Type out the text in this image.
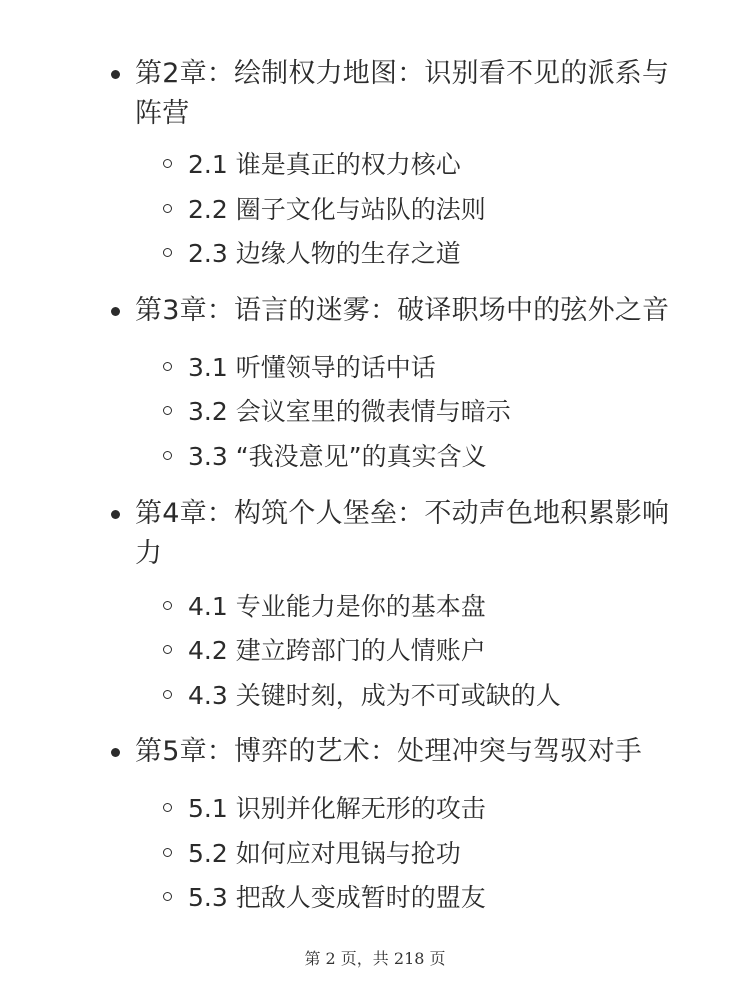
第2章：绘制权力地图：识别看不见的派系与阵营
2.1 谁是真正的权力核心
2.2 圈子文化与站队的法则
2.3 边缘人物的生存之道
第3章：语言的迷雾：破译职场中的弦外之音
3.1 听懂领导的话中话
3.2 会议室里的微表情与暗示
3.3 “我没意见”的真实含义
第4章：构筑个人堡垒：不动声色地积累影响力
4.1 专业能力是你的基本盘
4.2 建立跨部门的人情账户
4.3 关键时刻，成为不可或缺的人
第5章：博弈的艺术：处理冲突与驾驭对手
5.1 识别并化解无形的攻击
5.2 如何应对甩锅与抢功
5.3 把敌人变成暂时的盟友
第 2 页，共 218 页
